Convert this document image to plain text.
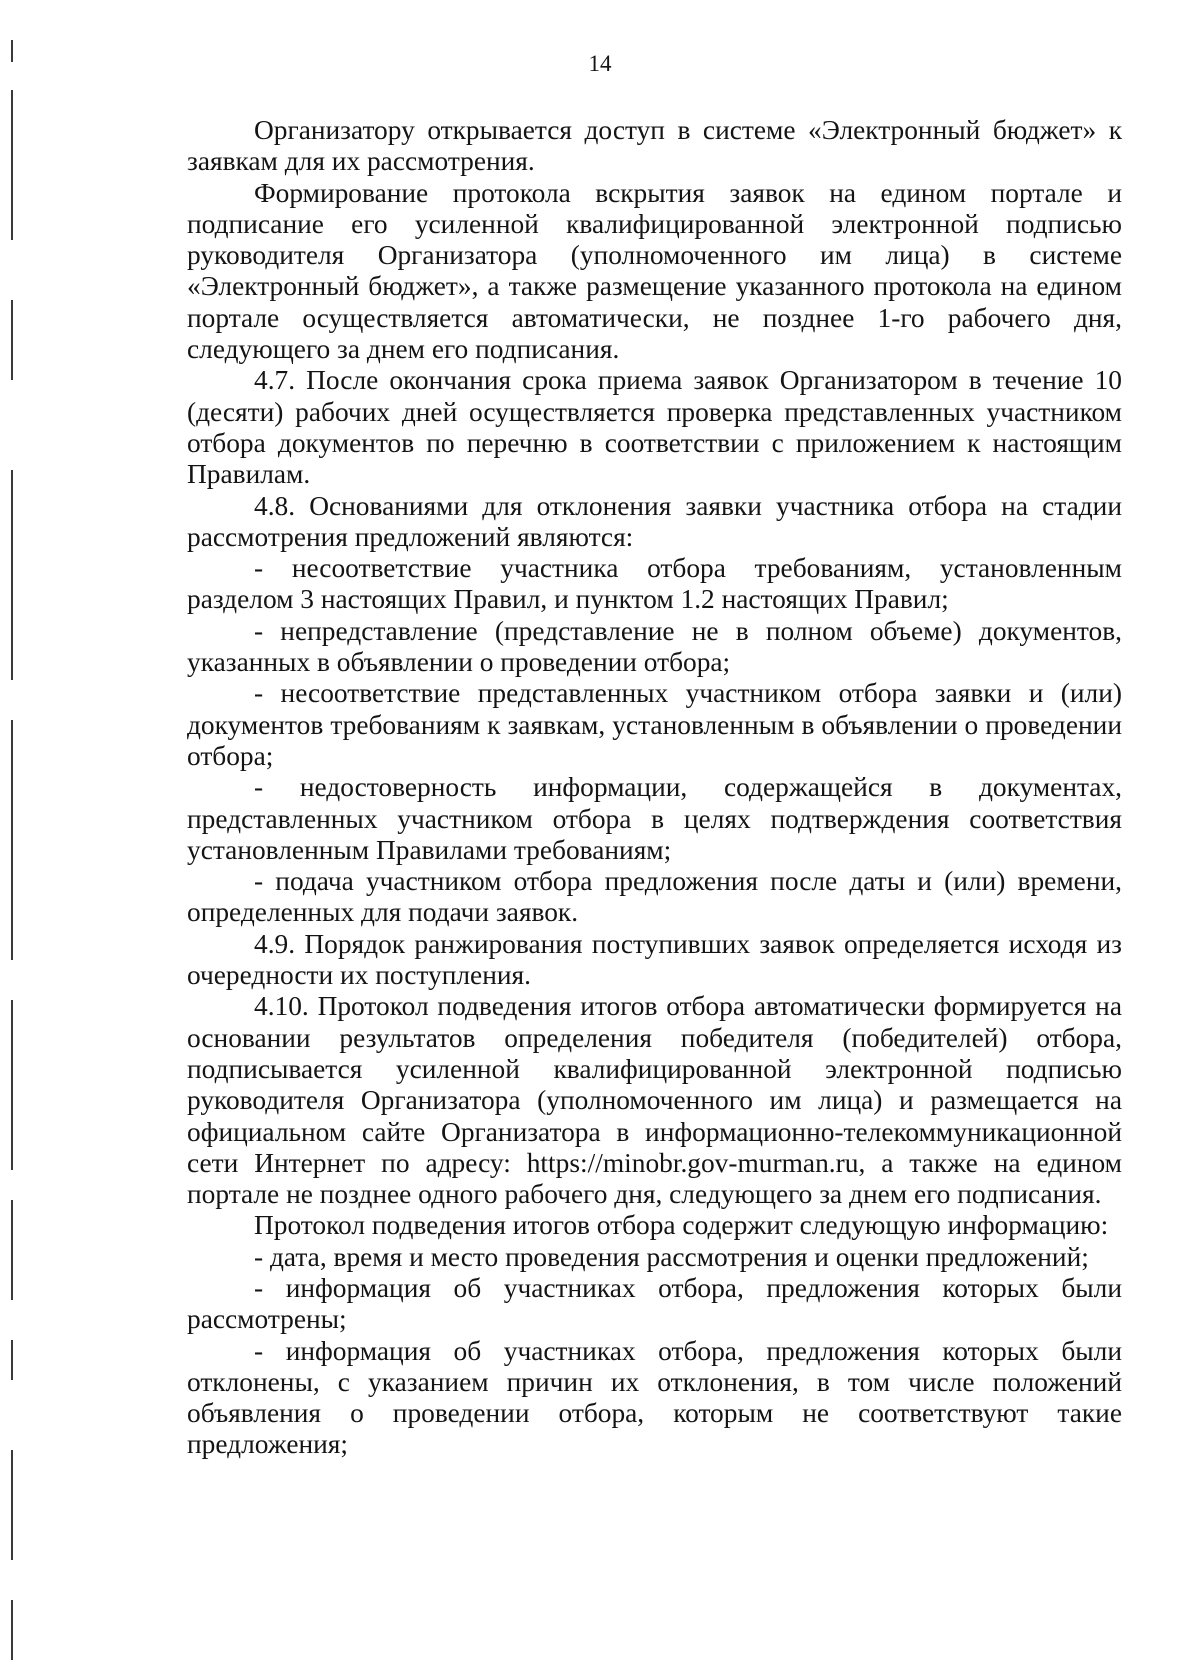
14

Организатору открывается доступ в системе «Электронный бюджет» к заявкам для их рассмотрения.

Формирование протокола вскрытия заявок на едином портале и подписание его усиленной квалифицированной электронной подписью руководителя Организатора (уполномоченного им лица) в системе «Электронный бюджет», а также размещение указанного протокола на едином портале осуществляется автоматически, не позднее 1-го рабочего дня, следующего за днем его подписания.

4.7. После окончания срока приема заявок Организатором в течение 10 (десяти) рабочих дней осуществляется проверка представленных участником отбора документов по перечню в соответствии с приложением к настоящим Правилам.

4.8. Основаниями для отклонения заявки участника отбора на стадии рассмотрения предложений являются:

- несоответствие участника отбора требованиям, установленным разделом 3 настоящих Правил, и пунктом 1.2 настоящих Правил;

- непредставление (представление не в полном объеме) документов, указанных в объявлении о проведении отбора;

- несоответствие представленных участником отбора заявки и (или) документов требованиям к заявкам, установленным в объявлении о проведении отбора;

- недостоверность информации, содержащейся в документах, представленных участником отбора в целях подтверждения соответствия установленным Правилами требованиям;

- подача участником отбора предложения после даты и (или) времени, определенных для подачи заявок.

4.9. Порядок ранжирования поступивших заявок определяется исходя из очередности их поступления.

4.10. Протокол подведения итогов отбора автоматически формируется на основании результатов определения победителя (победителей) отбора, подписывается усиленной квалифицированной электронной подписью руководителя Организатора (уполномоченного им лица) и размещается на официальном сайте Организатора в информационно-телекоммуникационной сети Интернет по адресу: https://minobr.gov-murman.ru, а также на едином портале не позднее одного рабочего дня, следующего за днем его подписания.

Протокол подведения итогов отбора содержит следующую информацию:

- дата, время и место проведения рассмотрения и оценки предложений;

- информация об участниках отбора, предложения которых были рассмотрены;

- информация об участниках отбора, предложения которых были отклонены, с указанием причин их отклонения, в том числе положений объявления о проведении отбора, которым не соответствуют такие предложения;
